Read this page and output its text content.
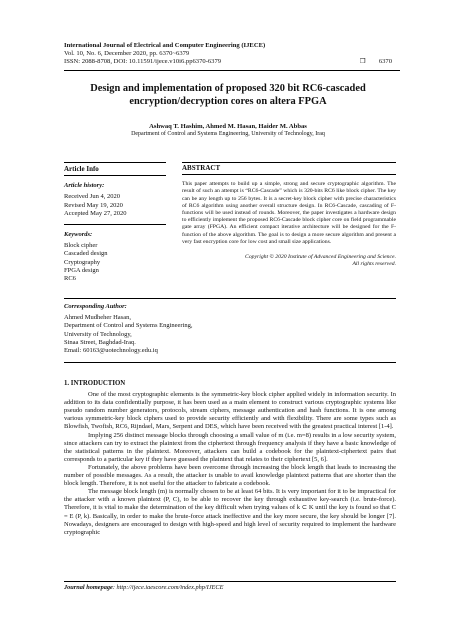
International Journal of Electrical and Computer Engineering (IJECE)
Vol. 10, No. 6, December 2020, pp. 6370~6379
ISSN: 2088-8708, DOI: 10.11591/ijece.v10i6.pp6370-6379	❒ 6370
Design and implementation of proposed 320 bit RC6-cascaded encryption/decryption cores on altera FPGA
Ashwaq T. Hashim, Ahmed M. Hasan, Haider M. Abbas
Department of Control and Systems Engineering, University of Technology, Iraq
Article Info
Article history:
Received Jun 4, 2020
Revised May 19, 2020
Accepted May 27, 2020
Keywords:
Block cipher
Cascaded design
Cryptography
FPGA design
RC6
ABSTRACT

This paper attempts to build up a simple, strong and secure cryptographic algorithm. The result of such an attempt is “RC6-Cascade” which is 320-bits RC6 like block cipher. The key can be any length up to 256 bytes. It is a secret-key block cipher with precise characteristics of RC6 algorithm using another overall structure design. In RC6-Cascade, cascading of F-functions will be used instead of rounds. Moreover, the paper investigates a hardware design to efficiently implement the proposed RC6-Cascade block cipher core on field programmable gate array (FPGA). An efficient compact iterative architecture will be designed for the F-function of the above algorithm. The goal is to design a more secure algorithm and present a very fast encryption core for low cost and small size applications.

Copyright © 2020 Institute of Advanced Engineering and Science.
All rights reserved.
Corresponding Author:
Ahmed Mudheher Hasan,
Department of Control and Systems Engineering,
University of Technology,
Sinaa Street, Baghdad-Iraq.
Email: 60163@uotechnology.edu.iq
1. INTRODUCTION

One of the most cryptographic elements is the symmetric-key block cipher applied widely in information security. In addition to its data confidentially purpose, it has been used as a main element to construct various cryptographic systems like pseudo random number generators, protocols, stream ciphers, message authentication and hash functions. It is one among various symmetric-key block ciphers used to provide security efficiently and with flexibility. There are some types such as Blowfish, Twofish, RC6, Rijndael, Mars, Serpent and DES, which have been received with the greatest practical interest [1-4].

Implying 256 distinct message blocks through choosing a small value of m (i.e. m=8) results in a low security system, since attackers can try to extract the plaintext from the ciphertext through frequency analysis if they have a basic knowledge of the statistical patterns in the plaintext. Moreover, attackers can build a codebook for the plaintext-ciphertext pairs that corresponds to a particular key if they have guessed the plaintext that relates to their ciphertext [5, 6].

Fortunately, the above problems have been overcome through increasing the block length that leads to increasing the number of possible messages. As a result, the attacker is unable to avail knowledge plaintext patterns that are shorter than the block length. Therefore, it is not useful for the attacker to fabricate a codebook.

The message block length (m) is normally chosen to be at least 64 bits. It is very important for it to be impractical for the attacker with a known plaintext (P, C), to be able to recover the key through exhaustive key-search (i.e. brute-force). Therefore, it is vital to make the determination of the key difficult when trying values of k ⊂ K until the key is found so that C = E (P, k). Basically, in order to make the brute-force attack ineffective and the key more secure, the key should be longer [7]. Nowadays, designers are encouraged to design with high-speed and high level of security required to implement the hardware cryptographic

Journal homepage: http://ijece.iaescore.com/index.php/IJECE
